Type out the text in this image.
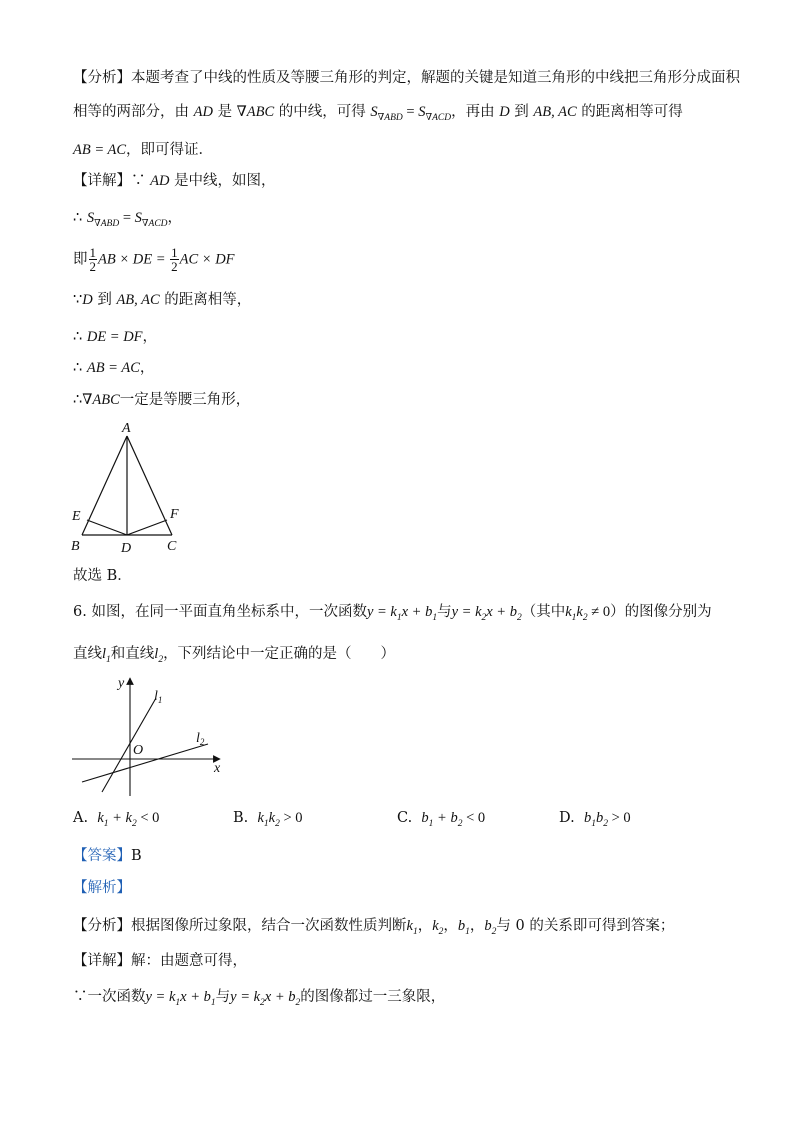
【分析】本题考查了中线的性质及等腰三角形的判定，解题的关键是知道三角形的中线把三角形分成面积
相等的两部分，由 AD 是 ∇ABC 的中线，可得 $S_{\nabla ABD} = S_{\nabla ACD}$，再由 D 到 AB, AC 的距离相等可得
AB = AC，即可得证．
【详解】∵ AD 是中线，如图，
∴ $S_{\nabla ABD} = S_{\nabla ACD}$，
即 $\frac{1}{2}$ AB × DE = $\frac{1}{2}$ AC × DF
∵D 到 AB, AC 的距离相等，
∴ DE = DF，
∴ AB = AC，
∴∇ABC一定是等腰三角形，
A
E	F
B	D	C
故选 B．
6. 如图，在同一平面直角坐标系中，一次函数$y = k_1x + b_1$与$y = k_2x + b_2$（其中$k_1k_2 \ne 0$）的图像分别为
直线$l_1$和直线$l_2$，下列结论中一定正确的是（　　）
y
x
O
$l_1$
$l_2$
A. $k_1 + k_2 < 0$	B. $k_1k_2 > 0$	C. $b_1 + b_2 < 0$	D. $b_1b_2 > 0$
【答案】B
【解析】
【分析】根据图像所过象限，结合一次函数性质判断$k_1$，$k_2$，$b_1$，$b_2$与 0 的关系即可得到答案；
【详解】解：由题意可得，
∵一次函数$y = k_1x + b_1$与$y = k_2x + b_2$的图像都过一三象限，
